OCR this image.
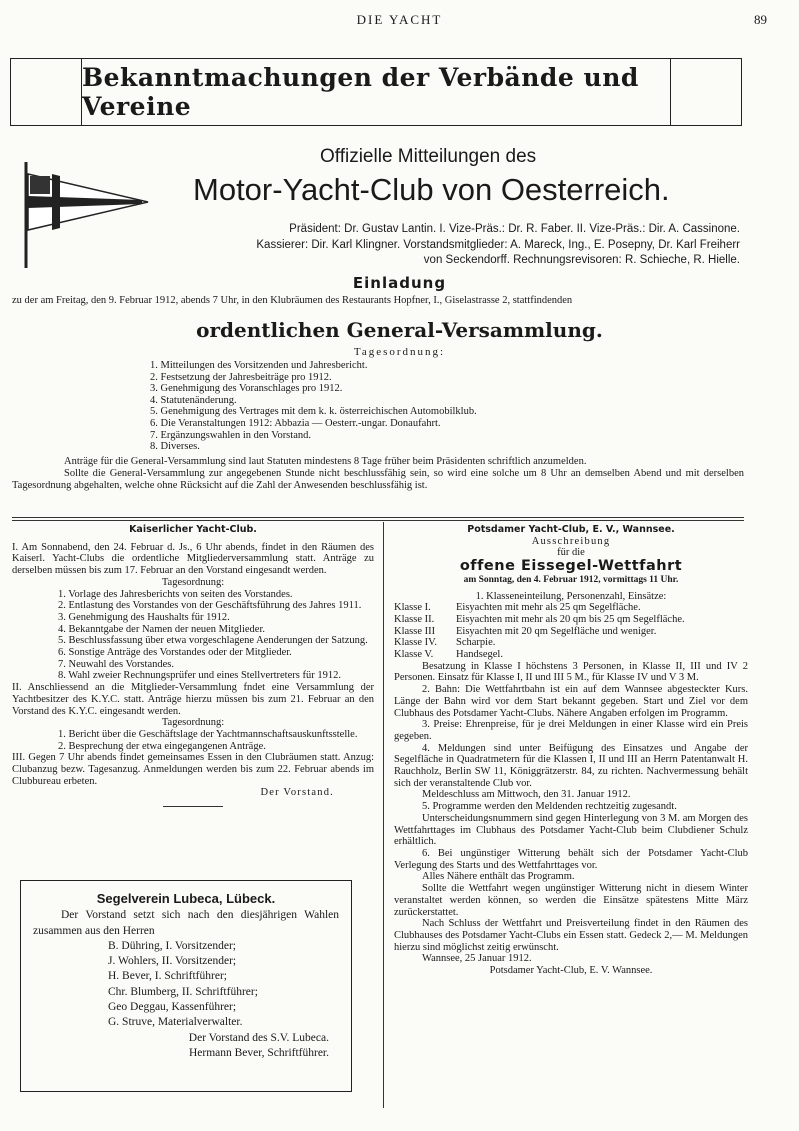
DIE YACHT	89
Bekanntmachungen der Verbände und Vereine
Offizielle Mitteilungen des
Motor-Yacht-Club von Oesterreich.
Präsident: Dr. Gustav Lantin. I. Vize-Präs.: Dr. R. Faber. II. Vize-Präs.: Dir. A. Cassinone.
Kassierer: Dir. Karl Klingner. Vorstandsmitglieder: A. Mareck, Ing., E. Posepny, Dr. Karl Freiherr
von Seckendorff. Rechnungsrevisoren: R. Schieche, R. Hielle.
Einladung
zu der am Freitag, den 9. Februar 1912, abends 7 Uhr, in den Klubräumen des Restaurants Hopfner, I., Giselastrasse 2, stattfindenden
ordentlichen General-Versammlung.
Tagesordnung:
1. Mitteilungen des Vorsitzenden und Jahresbericht.
2. Festsetzung der Jahresbeiträge pro 1912.
3. Genehmigung des Voranschlages pro 1912.
4. Statutenänderung.
5. Genehmigung des Vertrages mit dem k. k. österreichischen Automobilklub.
6. Die Veranstaltungen 1912: Abbazia — Oesterr.-ungar. Donaufahrt.
7. Ergänzungswahlen in den Vorstand.
8. Diverses.

Anträge für die General-Versammlung sind laut Statuten mindestens 8 Tage früher beim Präsidenten schriftlich anzumelden.

Sollte die General-Versammlung zur angegebenen Stunde nicht beschlussfähig sein, so wird eine solche um 8 Uhr an demselben Abend und mit derselben Tagesordnung abgehalten, welche ohne Rücksicht auf die Zahl der Anwesenden beschlussfähig ist.

Kaiserlicher Yacht-Club.
I. Am Sonnabend, den 24. Februar d. Js., 6 Uhr abends, findet in den Räumen des Kaiserl. Yacht-Clubs die ordentliche Mitgliederversammlung statt. Anträge zu derselben müssen bis zum 17. Februar an den Vorstand eingesandt werden.
Tagesordnung:
1. Vorlage des Jahresberichts von seiten des Vorstandes.
2. Entlastung des Vorstandes von der Geschäftsführung des Jahres 1911.
3. Genehmigung des Haushalts für 1912.
4. Bekanntgabe der Namen der neuen Mitglieder.
5. Beschlussfassung über etwa vorgeschlagene Aenderungen der Satzung.
6. Sonstige Anträge des Vorstandes oder der Mitglieder.
7. Neuwahl des Vorstandes.
8. Wahl zweier Rechnungsprüfer und eines Stellvertreters für 1912.
II. Anschliessend an die Mitglieder-Versammlung fndet eine Versammlung der Yachtbesitzer des K.Y.C. statt. Anträge hierzu müssen bis zum 21. Februar an den Vorstand des K.Y.C. eingesandt werden.
Tagesordnung:
1. Bericht über die Geschäftslage der Yachtmannschaftsauskunftsstelle.
2. Besprechung der etwa eingegangenen Anträge.
III. Gegen 7 Uhr abends findet gemeinsames Essen in den Clubräumen statt. Anzug: Clubanzug bezw. Tagesanzug. Anmeldungen werden bis zum 22. Februar abends im Clubbureau erbeten.
Der Vorstand.
Segelverein Lubeca, Lübeck.
Der Vorstand setzt sich nach den diesjährigen Wahlen zusammen aus den Herren
B. Dühring, I. Vorsitzender;
J. Wohlers, II. Vorsitzender;
H. Bever, I. Schriftführer;
Chr. Blumberg, II. Schriftführer;
Geo Deggau, Kassenführer;
G. Struve, Materialverwalter.
Der Vorstand des S.V. Lubeca.
Hermann Bever, Schriftführer.
Potsdamer Yacht-Club, E. V., Wannsee.
Ausschreibung
für die
offene Eissegel-Wettfahrt
am Sonntag, den 4. Februar 1912, vormittags 11 Uhr.
1. Klasseneinteilung, Personenzahl, Einsätze:
Klasse I.	Eisyachten mit mehr als 25 qm Segelfläche.
Klasse II.	Eisyachten mit mehr als 20 qm bis 25 qm Segelfläche.
Klasse III	Eisyachten mit 20 qm Segelfläche und weniger.
Klasse IV.	Scharpie.
Klasse V.	Handsegel.
Besatzung in Klasse I höchstens 3 Personen, in Klasse II, III und IV 2 Personen. Einsatz für Klasse I, II und III 5 M., für Klasse IV und V 3 M.
2. Bahn: Die Wettfahrtbahn ist ein auf dem Wannsee abgesteckter Kurs. Länge der Bahn wird vor dem Start bekannt gegeben. Start und Ziel vor dem Clubhaus des Potsdamer Yacht-Clubs. Nähere Angaben erfolgen im Programm.
3. Preise: Ehrenpreise, für je drei Meldungen in einer Klasse wird ein Preis gegeben.
4. Meldungen sind unter Beifügung des Einsatzes und Angabe der Segelfläche in Quadratmetern für die Klassen I, II und III an Herrn Patentanwalt H. Rauchholz, Berlin SW 11, Königgrätzerstr. 84, zu richten. Nachvermessung behält sich der veranstaltende Club vor.
Meldeschluss am Mittwoch, den 31. Januar 1912.
5. Programme werden den Meldenden rechtzeitig zugesandt.
Unterscheidungsnummern sind gegen Hinterlegung von 3 M. am Morgen des Wettfahrttages im Clubhaus des Potsdamer Yacht-Club beim Clubdiener Schulz erhältlich.
6. Bei ungünstiger Witterung behält sich der Potsdamer Yacht-Club Verlegung des Starts und des Wettfahrttages vor.
Alles Nähere enthält das Programm.
Sollte die Wettfahrt wegen ungünstiger Witterung nicht in diesem Winter veranstaltet werden können, so werden die Einsätze spätestens Mitte März zurückerstattet.
Nach Schluss der Wettfahrt und Preisverteilung findet in den Räumen des Clubhauses des Potsdamer Yacht-Clubs ein Essen statt. Gedeck 2,— M. Meldungen hierzu sind möglichst zeitig erwünscht.
Wannsee, 25 Januar 1912.
Potsdamer Yacht-Club, E. V. Wannsee.
